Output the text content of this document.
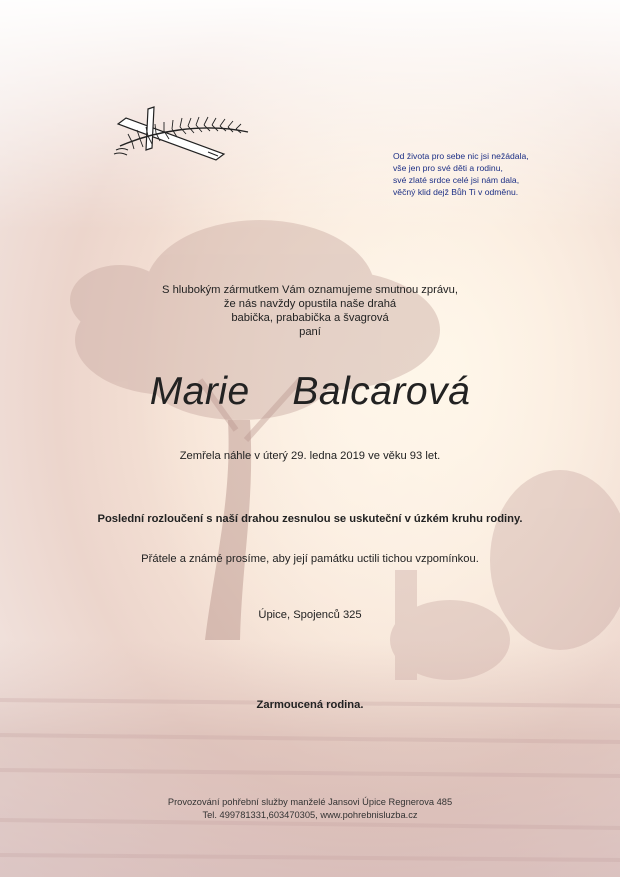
Od života pro sebe nic jsi nežádala,
vše jen pro své děti a rodinu,
své zlaté srdce celé jsi nám dala,
věčný klid dejž Bůh Ti v odměnu.
S hlubokým zármutkem Vám oznamujeme smutnou zprávu,
že nás navždy opustila naše drahá
babička, prababička a švagrová
paní
Marie  Balcarová
Zemřela náhle v úterý 29. ledna 2019 ve věku 93 let.
Poslední rozloučení s naší drahou zesnulou se uskuteční v úzkém kruhu rodiny.
Přátele a známé prosíme, aby její památku uctili tichou vzpomínkou.
Úpice, Spojenců 325
Zarmoucená rodina.
Provozování pohřební služby manželé Jansovi Úpice Regnerova 485
Tel. 499781331,603470305, www.pohrebnisluzba.cz
